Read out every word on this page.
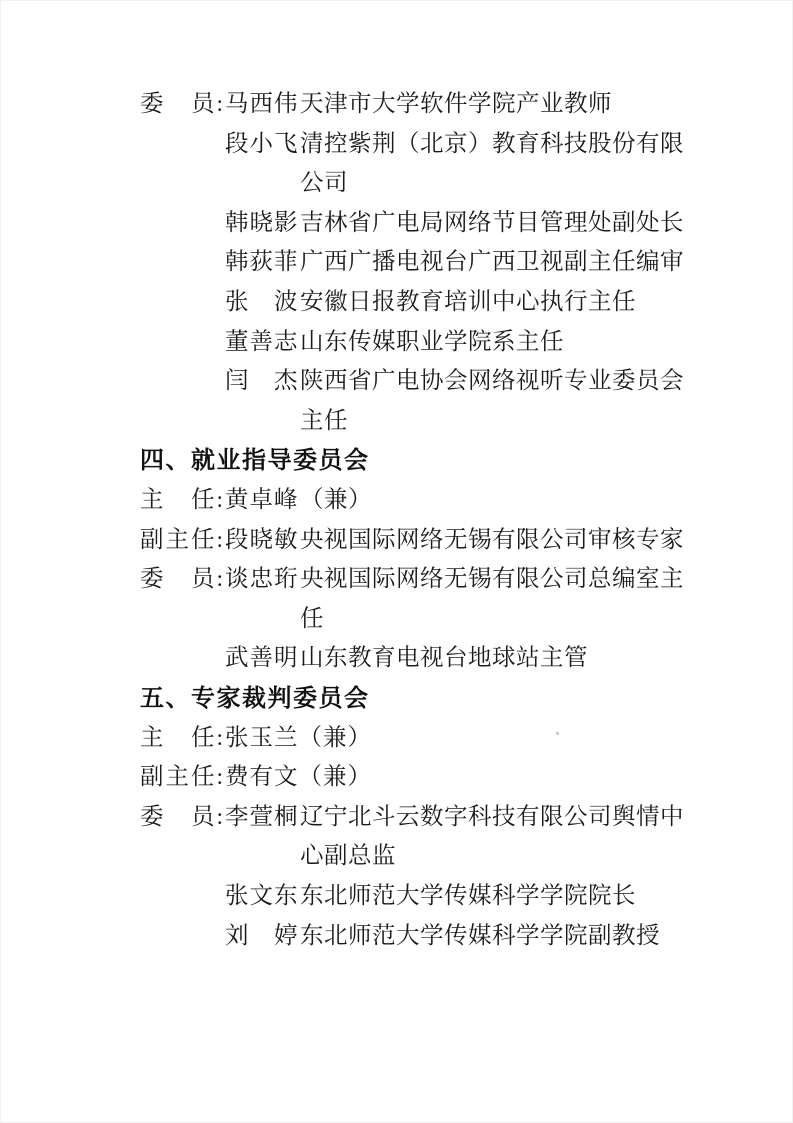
委　员: 马西伟 天津市大学软件学院产业教师
段小飞 清控紫荆（北京）教育科技股份有限
公司
韩晓影 吉林省广电局网络节目管理处副处长
韩荻菲 广西广播电视台广西卫视副主任编审
张　波 安徽日报教育培训中心执行主任
董善志 山东传媒职业学院系主任
闫　杰 陕西省广电协会网络视听专业委员会
主任
四、就业指导委员会
主　任: 黄卓峰 （兼）
副主任: 段晓敏 央视国际网络无锡有限公司审核专家
委　员: 谈忠珩 央视国际网络无锡有限公司总编室主
任
武善明 山东教育电视台地球站主管
五、专家裁判委员会
主　任: 张玉兰（兼）
副主任: 费有文（兼）
委　员: 李萱桐 辽宁北斗云数字科技有限公司舆情中
心副总监
张文东 东北师范大学传媒科学学院院长
刘　婷 东北师范大学传媒科学学院副教授
